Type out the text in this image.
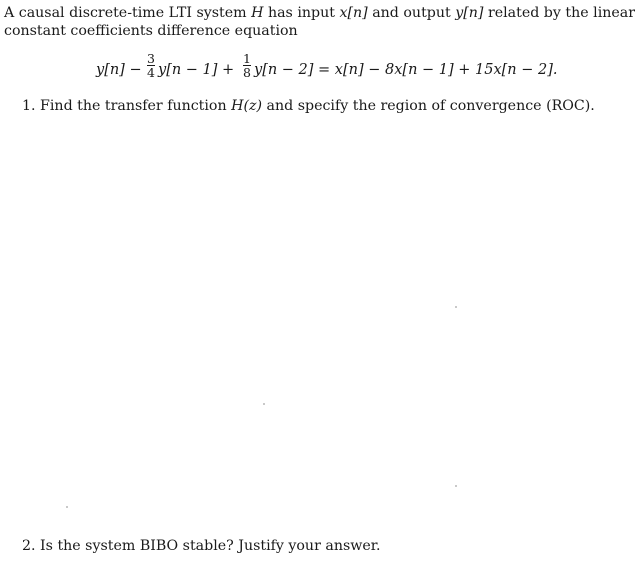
A causal discrete-time LTI system H has input x[n] and output y[n] related by the linear
constant coefficients difference equation
y[n] −
3
4 y[n − 1] +
1
8 y[n − 2] = x[n] − 8x[n − 1] + 15x[n − 2].
1. Find the transfer function H(z) and specify the region of convergence (ROC).
2. Is the system BIBO stable? Justify your answer.
